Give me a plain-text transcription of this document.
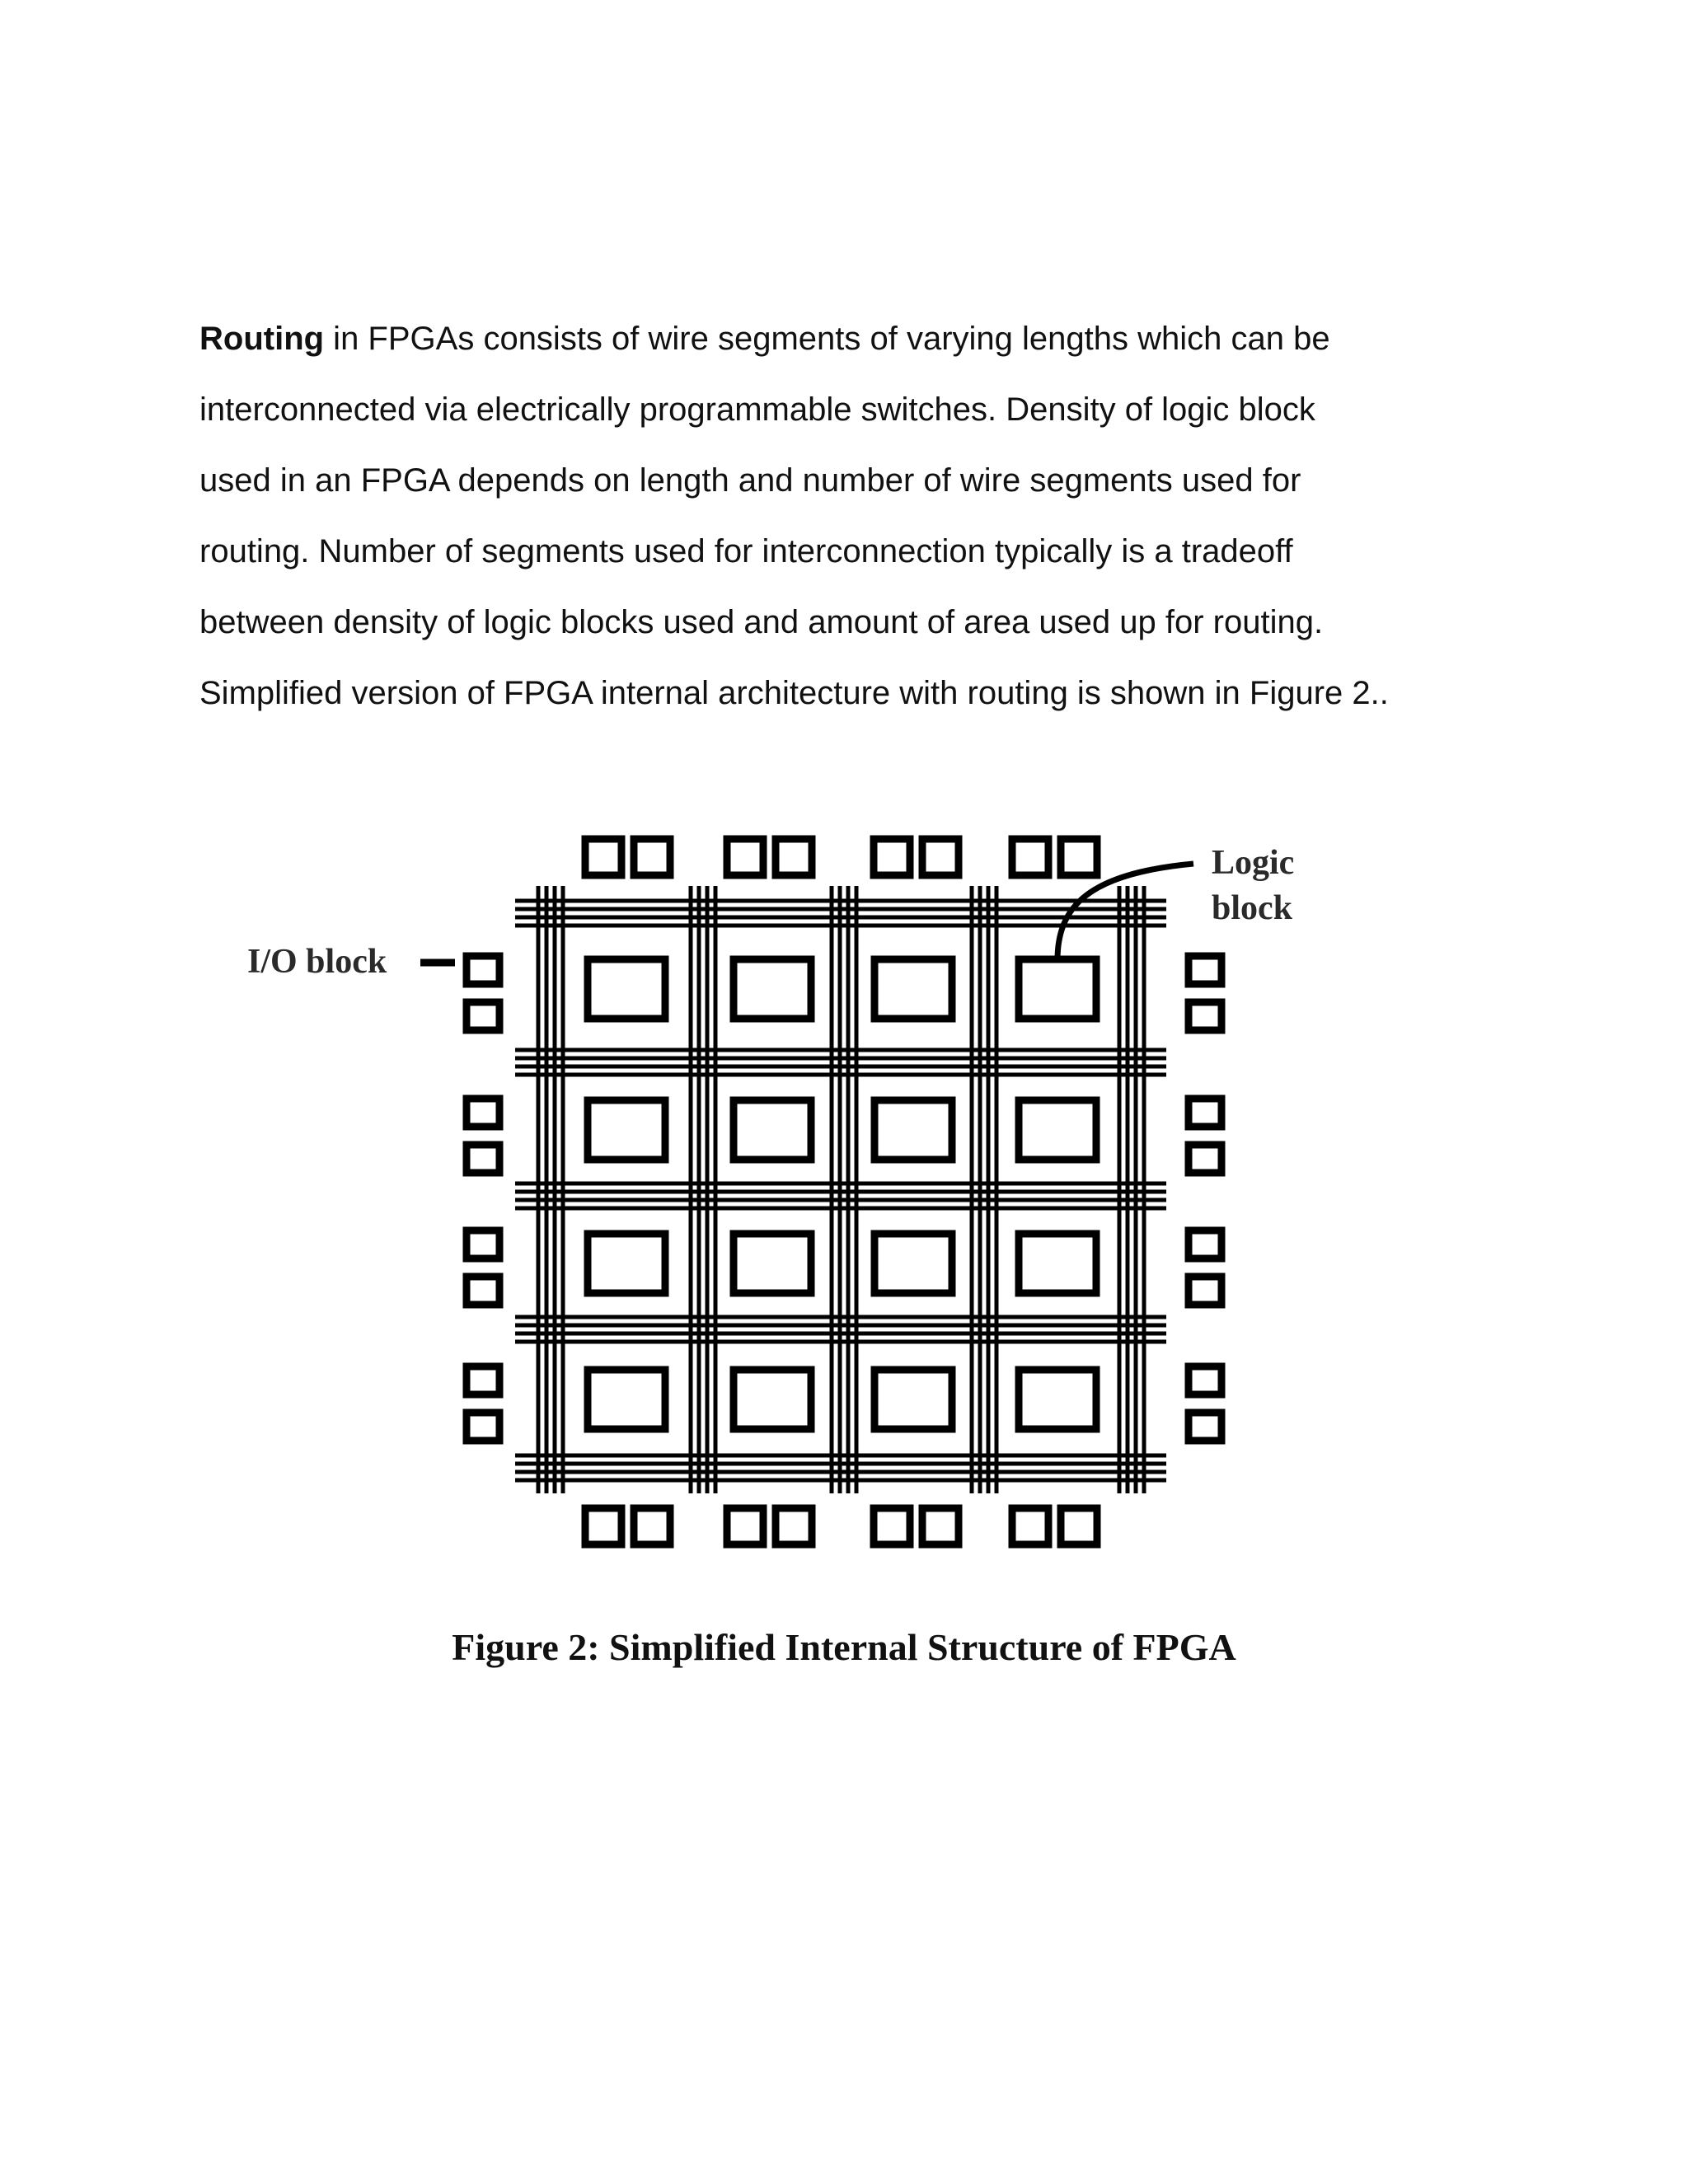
Routing in FPGAs consists of wire segments of varying lengths which can be
interconnected via electrically programmable switches. Density of logic block
used in an FPGA depends on length and number of wire segments used for
routing. Number of segments used for interconnection typically is a tradeoff
between density of logic blocks used and amount of area used up for routing.
Simplified version of FPGA internal architecture with routing is shown in Figure 2..

I/O block
Logic
block

Figure 2: Simplified Internal Structure of FPGA
